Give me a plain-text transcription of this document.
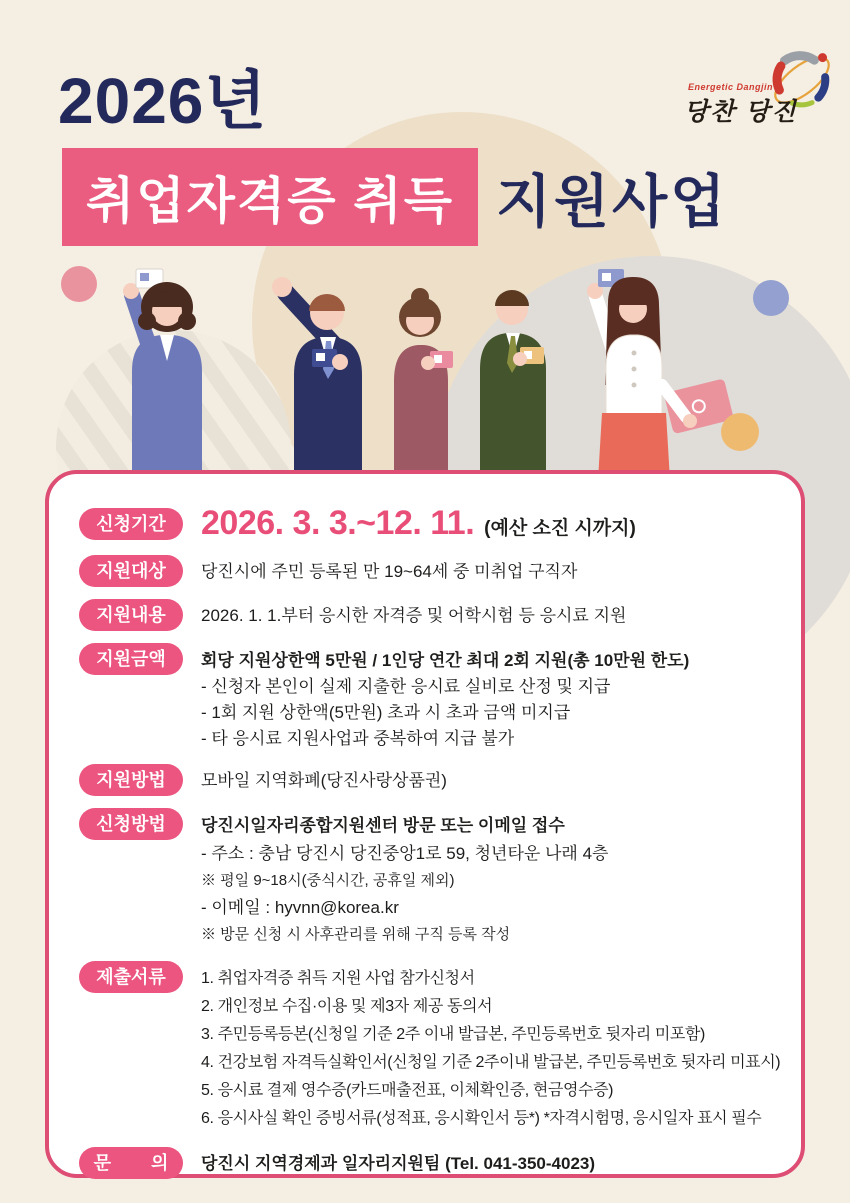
2026년	Energetic Dangjin
당찬 당진
취업자격증 취득 지원사업
신청기간	2026. 3. 3.~12. 11. (예산 소진 시까지)
지원대상	당진시에 주민 등록된 만 19~64세 중 미취업 구직자
지원내용	2026. 1. 1.부터 응시한 자격증 및 어학시험 등 응시료 지원
지원금액	회당 지원상한액 5만원 / 1인당 연간 최대 2회 지원(총 10만원 한도)
- 신청자 본인이 실제 지출한 응시료 실비로 산정 및 지급
- 1회 지원 상한액(5만원) 초과 시 초과 금액 미지급
- 타 응시료 지원사업과 중복하여 지급 불가
지원방법	모바일 지역화폐(당진사랑상품권)
신청방법	당진시일자리종합지원센터 방문 또는 이메일 접수
- 주소 : 충남 당진시 당진중앙1로 59, 청년타운 나래 4층
※ 평일 9~18시(중식시간, 공휴일 제외)
- 이메일 : hyvnn@korea.kr
※ 방문 신청 시 사후관리를 위해 구직 등록 작성
제출서류	1. 취업자격증 취득 지원 사업 참가신청서
2. 개인정보 수집·이용 및 제3자 제공 동의서
3. 주민등록등본(신청일 기준 2주 이내 발급본, 주민등록번호 뒷자리 미포함)
4. 건강보험 자격득실확인서(신청일 기준 2주이내 발급본, 주민등록번호 뒷자리 미표시)
5. 응시료 결제 영수증(카드매출전표, 이체확인증, 현금영수증)
6. 응시사실 확인 증빙서류(성적표, 응시확인서 등*) *자격시험명, 응시일자 표시 필수
문        의	당진시 지역경제과 일자리지원팀 (Tel. 041-350-4023)
